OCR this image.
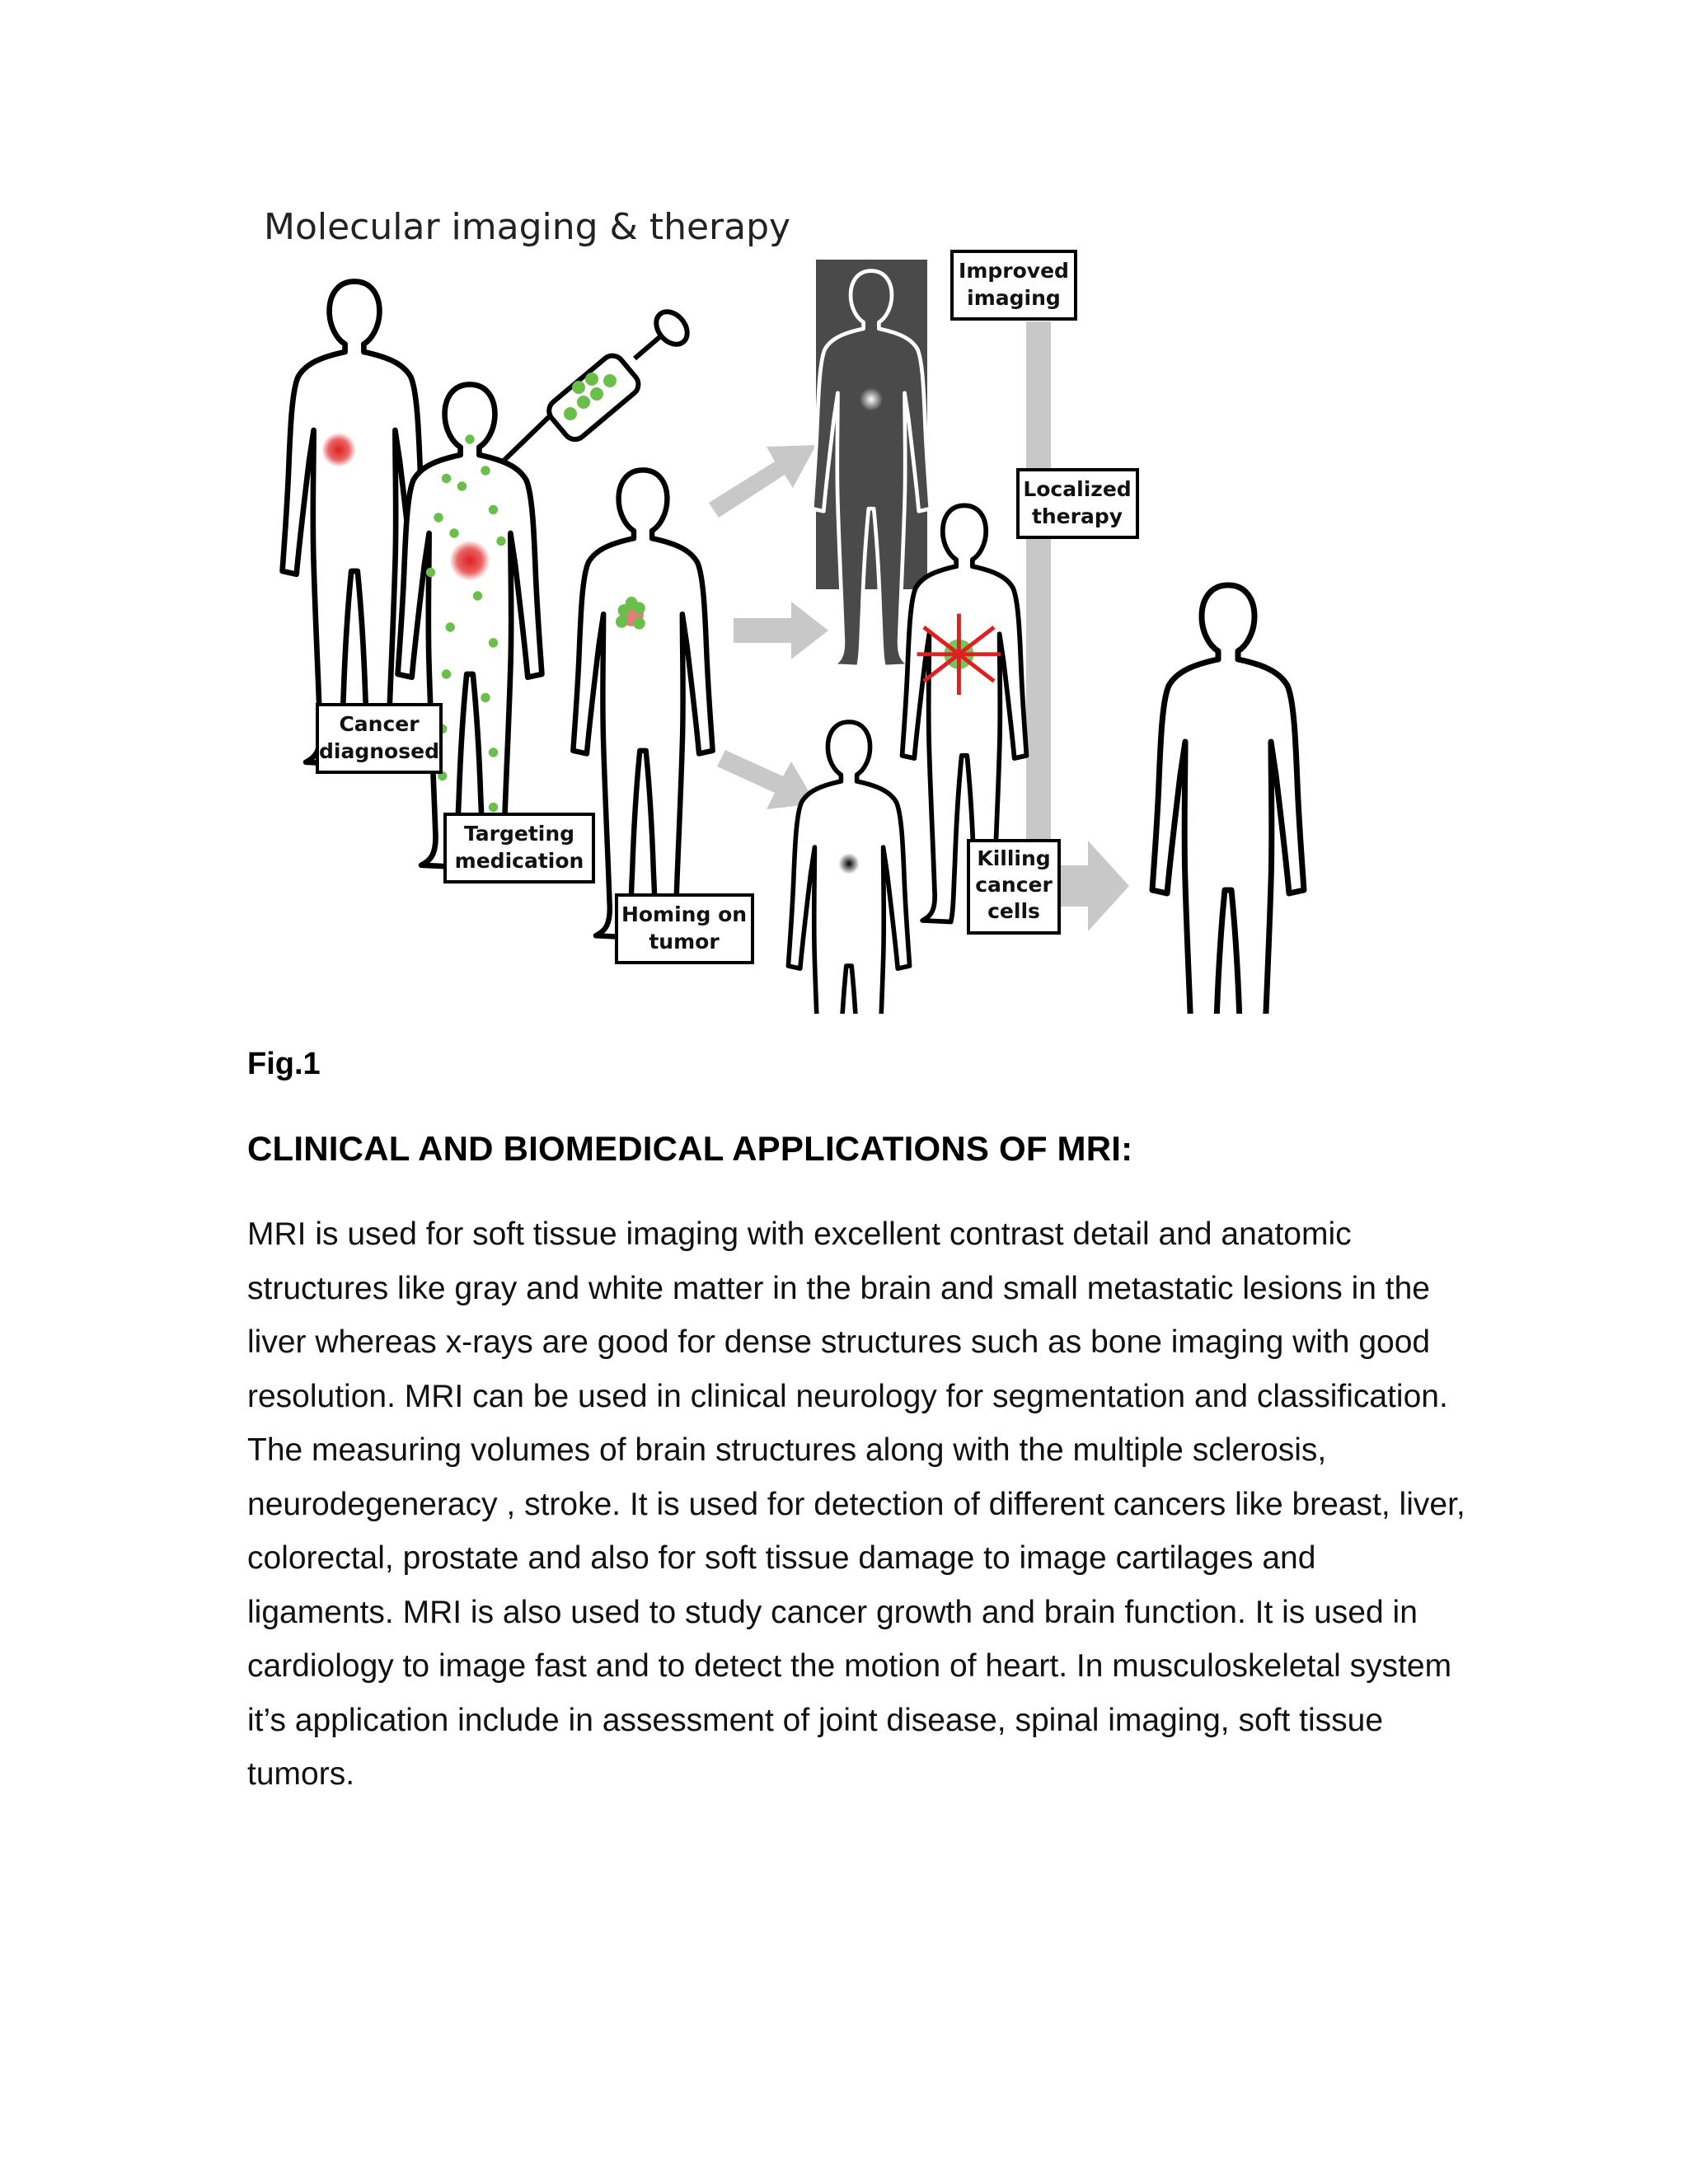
Molecular imaging & therapy
Cancer
diagnosed
Targeting
medication
Homing on
tumor
Improved
imaging
Localized
therapy
Killing
cancer
cells
Fig.1
CLINICAL AND BIOMEDICAL APPLICATIONS OF MRI:

MRI is used for soft tissue imaging with excellent contrast detail and anatomic structures like gray and white matter in the brain and small metastatic lesions in the liver whereas x-rays are good for dense structures such as bone imaging with good resolution. MRI can be used in clinical neurology for segmentation and classification. The measuring volumes of brain structures along with the multiple sclerosis, neurodegeneracy , stroke. It is used for detection of different cancers like breast, liver, colorectal, prostate and also for soft tissue damage to image cartilages and ligaments. MRI is also used to study cancer growth and brain function. It is used in cardiology to image fast and to detect the motion of heart. In musculoskeletal system it’s application include in assessment of joint disease, spinal imaging, soft tissue tumors.
